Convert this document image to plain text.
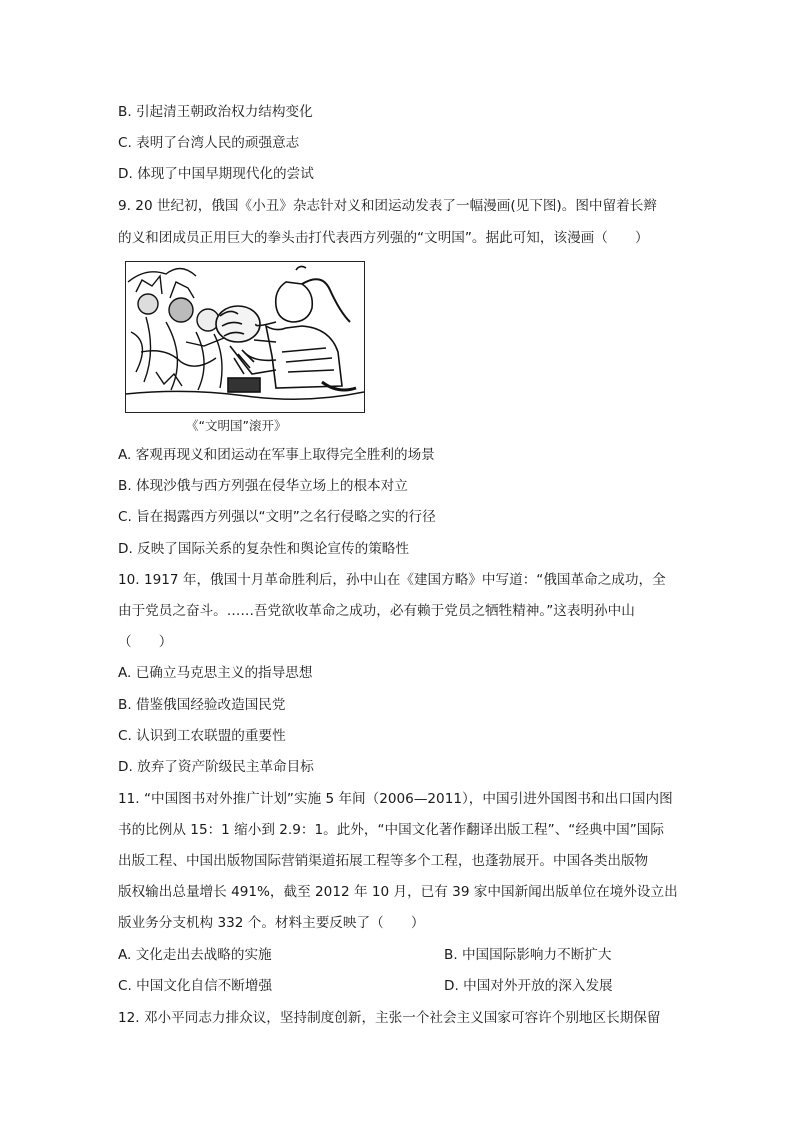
B. 引起清王朝政治权力结构变化
C. 表明了台湾人民的顽强意志
D. 体现了中国早期现代化的尝试
9. 20 世纪初，俄国《小丑》杂志针对义和团运动发表了一幅漫画(见下图)。图中留着长辫
的义和团成员正用巨大的拳头击打代表西方列强的“文明国”。据此可知，该漫画（　　）
《“文明国”滚开》
A. 客观再现义和团运动在军事上取得完全胜利的场景
B. 体现沙俄与西方列强在侵华立场上的根本对立
C. 旨在揭露西方列强以“文明”之名行侵略之实的行径
D. 反映了国际关系的复杂性和舆论宣传的策略性
10. 1917 年，俄国十月革命胜利后，孙中山在《建国方略》中写道：“俄国革命之成功，全
由于党员之奋斗。……吾党欲收革命之成功，必有赖于党员之牺牲精神。”这表明孙中山
（　　）
A. 已确立马克思主义的指导思想
B. 借鉴俄国经验改造国民党
C. 认识到工农联盟的重要性
D. 放弃了资产阶级民主革命目标
11. “中国图书对外推广计划”实施 5 年间（2006—2011），中国引进外国图书和出口国内图
书的比例从 15：1 缩小到 2.9：1。此外，“中国文化著作翻译出版工程”、“经典中国”国际
出版工程、中国出版物国际营销渠道拓展工程等多个工程，也蓬勃展开。中国各类出版物
版权输出总量增长 491%，截至 2012 年 10 月，已有 39 家中国新闻出版单位在境外设立出
版业务分支机构 332 个。材料主要反映了（　　）
A. 文化走出去战略的实施	B. 中国国际影响力不断扩大
C. 中国文化自信不断增强	D. 中国对外开放的深入发展
12. 邓小平同志力排众议，坚持制度创新，主张一个社会主义国家可容许个别地区长期保留
